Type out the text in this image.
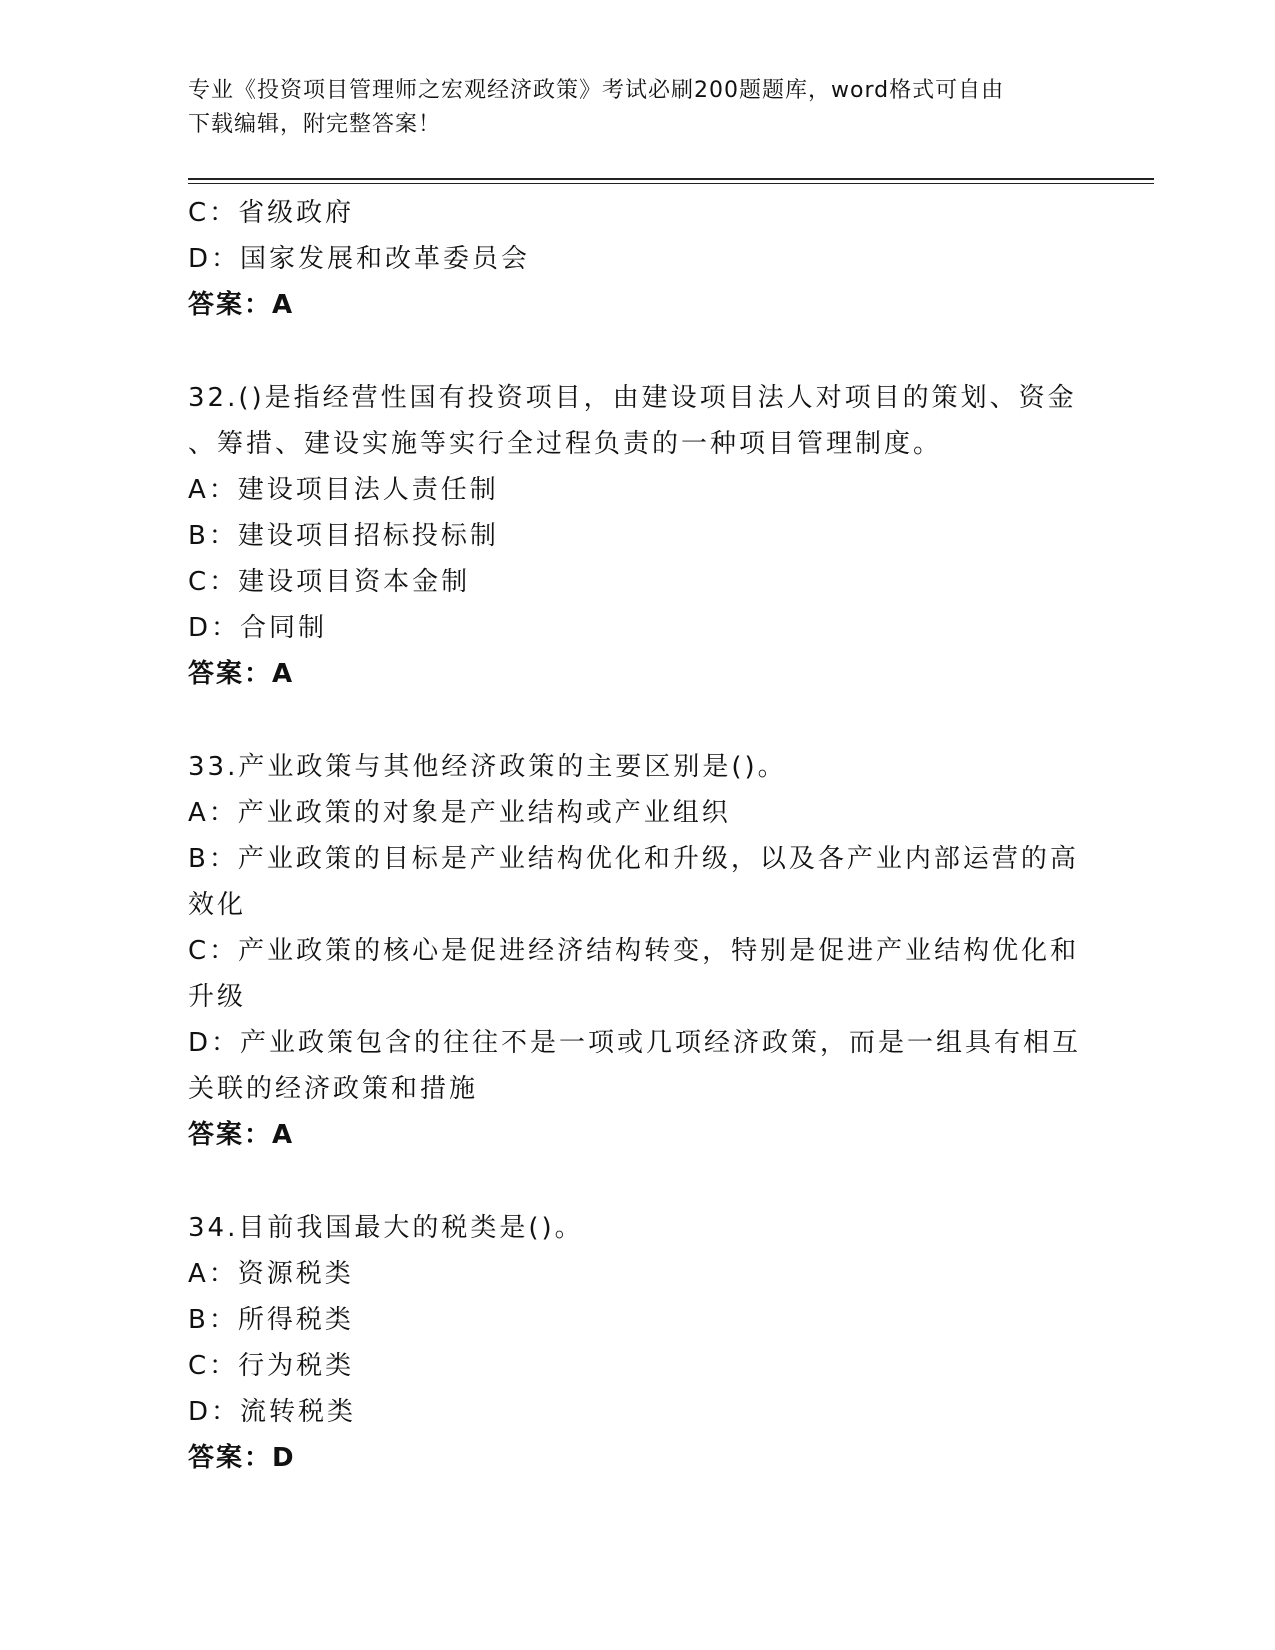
专业《投资项目管理师之宏观经济政策》考试必刷200题题库，word格式可自由
下载编辑，附完整答案！
C：省级政府
D：国家发展和改革委员会
答案：A
32.()是指经营性国有投资项目，由建设项目法人对项目的策划、资金
、筹措、建设实施等实行全过程负责的一种项目管理制度。
A：建设项目法人责任制
B：建设项目招标投标制
C：建设项目资本金制
D：合同制
答案：A
33.产业政策与其他经济政策的主要区别是()。
A：产业政策的对象是产业结构或产业组织
B：产业政策的目标是产业结构优化和升级，以及各产业内部运营的高
效化
C：产业政策的核心是促进经济结构转变，特别是促进产业结构优化和
升级
D：产业政策包含的往往不是一项或几项经济政策，而是一组具有相互
关联的经济政策和措施
答案：A
34.目前我国最大的税类是()。
A：资源税类
B：所得税类
C：行为税类
D：流转税类
答案：D
